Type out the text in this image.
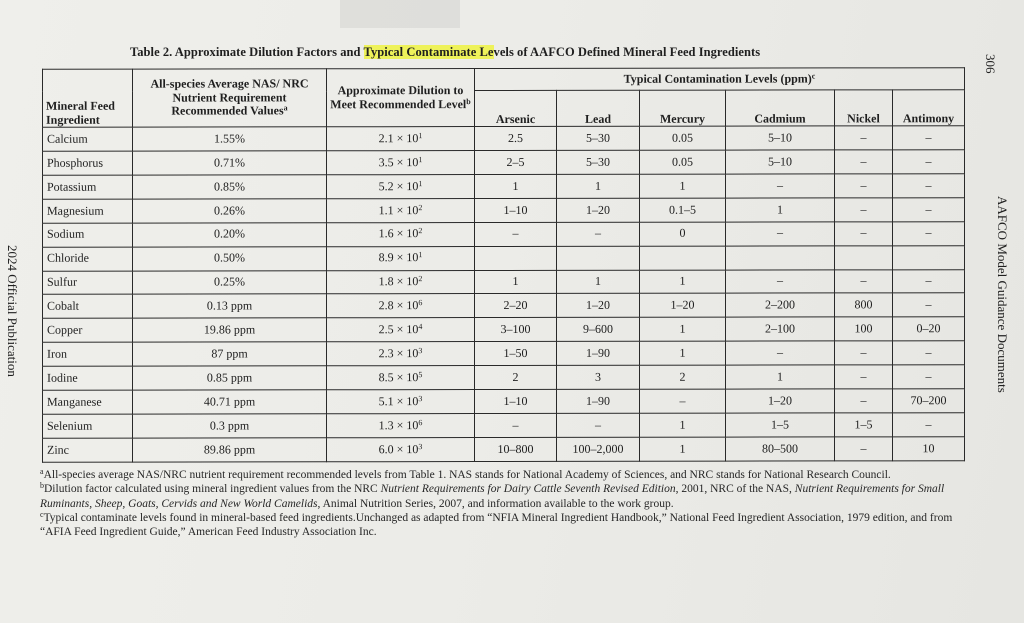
Table 2. Approximate Dilution Factors and Typical Contaminate Levels of AAFCO Defined Mineral Feed Ingredients
Mineral Feed Ingredient	All-species Average NAS/ NRC Nutrient Requirement Recommended Values$^a$	Approximate Dilution to Meet Recommended Level$^b$	Typical Contamination Levels (ppm)$^c$
			Arsenic	Lead	Mercury	Cadmium	Nickel	Antimony
Calcium	1.55%	$2.1 \times 10^1$	2.5	5–30	0.05	5–10	–	–
Phosphorus	0.71%	$3.5 \times 10^1$	2–5	5–30	0.05	5–10	–	–
Potassium	0.85%	$5.2 \times 10^1$	1	1	1	–	–	–
Magnesium	0.26%	$1.1 \times 10^2$	1–10	1–20	0.1–5	1	–	–
Sodium	0.20%	$1.6 \times 10^2$	–	–	0	–	–	–
Chloride	0.50%	$8.9 \times 10^1$						
Sulfur	0.25%	$1.8 \times 10^2$	1	1	1	–	–	–
Cobalt	0.13 ppm	$2.8 \times 10^6$	2–20	1–20	1–20	2–200	800	–
Copper	19.86 ppm	$2.5 \times 10^4$	3–100	9–600	1	2–100	100	0–20
Iron	87 ppm	$2.3 \times 10^3$	1–50	1–90	1	–	–	–
Iodine	0.85 ppm	$8.5 \times 10^5$	2	3	2	1	–	–
Manganese	40.71 ppm	$5.1 \times 10^3$	1–10	1–90	–	1–20	–	70–200
Selenium	0.3 ppm	$1.3 \times 10^6$	–	–	1	1–5	1–5	–
Zinc	89.86 ppm	$6.0 \times 10^3$	10–800	100–2,000	1	80–500	–	10

$^a$All-species average NAS/NRC nutrient requirement recommended levels from Table 1. NAS stands for National Academy of Sciences, and NRC stands for National Research Council.

$^b$Dilution factor calculated using mineral ingredient values from the NRC Nutrient Requirements for Dairy Cattle Seventh Revised Edition, 2001, NRC of the NAS, Nutrient Requirements for Small Ruminants, Sheep, Goats, Cervids and New World Camelids, Animal Nutrition Series, 2007, and information available to the work group.

$^c$Typical contaminate levels found in mineral-based feed ingredients.Unchanged as adapted from “NFIA Mineral Ingredient Handbook,” National Feed Ingredient Association, 1979 edition, and from “AFIA Feed Ingredient Guide,” American Feed Industry Association Inc.

2024 Official Publication	AAFCO Model Guidance Documents
306
